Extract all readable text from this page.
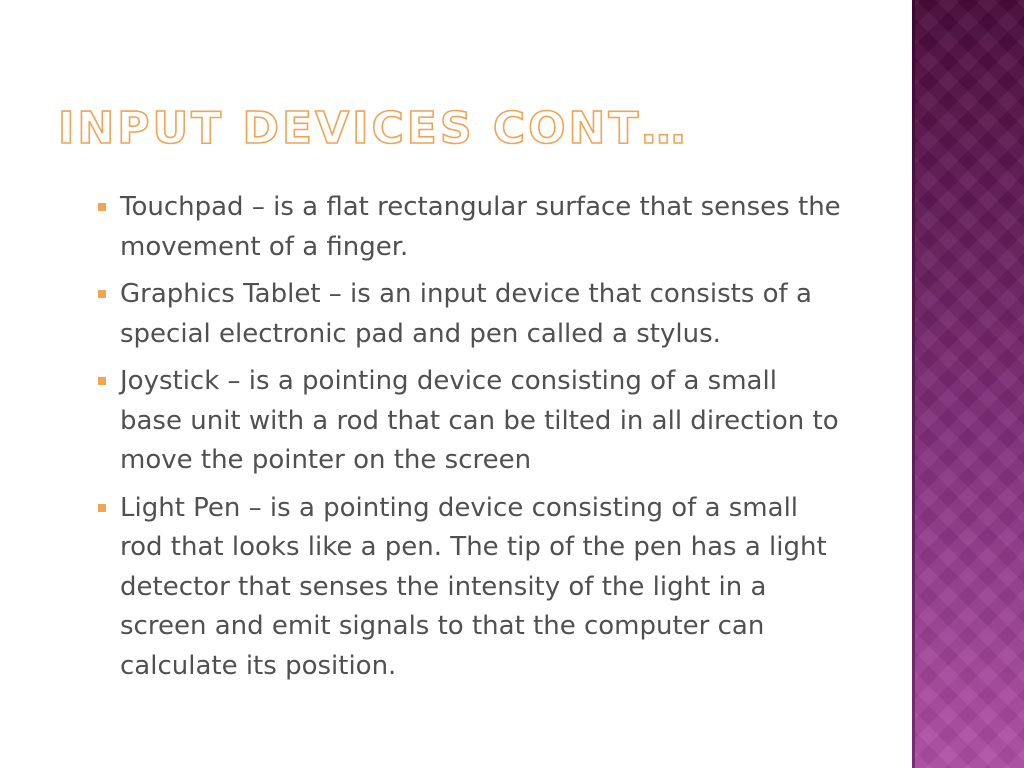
INPUT DEVICES CONT…
Touchpad – is a flat rectangular surface that senses the movement of a finger.
Graphics Tablet – is an input device that consists of a special electronic pad and pen called a stylus.
Joystick – is a pointing device consisting of a small base unit with a rod that can be tilted in all direction to move the pointer on the screen
Light Pen – is a pointing device consisting of a small rod that looks like a pen. The tip of the pen has a light detector that senses the intensity of the light in a screen and emit signals to that the computer can calculate its position.
